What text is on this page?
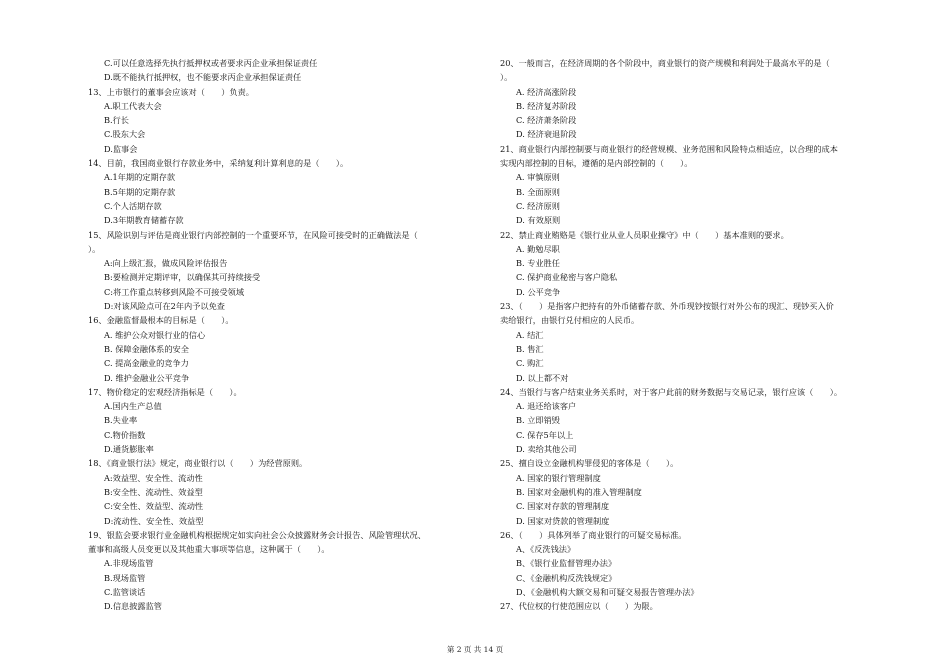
C.可以任意选择先执行抵押权或者要求丙企业承担保证责任
D.既不能执行抵押权，也不能要求丙企业承担保证责任
13、上市银行的董事会应该对（　　）负责。
A.职工代表大会
B.行长
C.股东大会
D.监事会
14、目前，我国商业银行存款业务中，采纳复利计算利息的是（　　）。
A.1年期的定期存款
B.5年期的定期存款
C.个人活期存款
D.3年期教育储蓄存款
15、风险识别与评估是商业银行内部控制的一个重要环节，在风险可接受时的正确做法是（
）。
A:向上级汇报，做成风险评估报告
B:要检测并定期评审，以确保其可持续接受
C:将工作重点转移到风险不可接受领域
D:对该风险点可在2年内予以免查
16、金融监督最根本的目标是（　　）。
A. 维护公众对银行业的信心
B. 保障金融体系的安全
C. 提高金融业的竞争力
D. 维护金融业公平竞争
17、物价稳定的宏观经济指标是（　　）。
A.国内生产总值
B.失业率
C.物价指数
D.通货膨胀率
18、《商业银行法》规定，商业银行以（　　）为经营原则。
A:效益型、安全性、流动性
B:安全性、流动性、效益型
C:安全性、效益型、流动性
D:流动性、安全性、效益型
19、银监会要求银行业金融机构根据规定如实向社会公众披露财务会计报告、风险管理状况、
董事和高级人员变更以及其他重大事项等信息，这种属于（　　）。
A.非现场监管
B.现场监管
C.监管谈话
D.信息披露监管
20、一般而言，在经济周期的各个阶段中，商业银行的资产规模和利润处于最高水平的是（
）。
A. 经济高涨阶段
B. 经济复苏阶段
C. 经济萧条阶段
D. 经济衰退阶段
21、商业银行内部控制要与商业银行的经营规模、业务范围和风险特点相适应，以合理的成本
实现内部控制的目标，遵循的是内部控制的（　　）。
A. 审慎原则
B. 全面原则
C. 经济原则
D. 有效原则
22、禁止商业贿赂是《银行业从业人员职业操守》中（　　）基本准则的要求。
A. 勤勉尽职
B. 专业胜任
C. 保护商业秘密与客户隐私
D. 公平竞争
23、（　　）是指客户把持有的外币储蓄存款、外币现钞按银行对外公布的现汇、现钞买入价
卖给银行，由银行兑付相应的人民币。
A. 结汇
B. 售汇
C. 购汇
D. 以上都不对
24、当银行与客户结束业务关系时，对于客户此前的财务数据与交易记录，银行应该（　　）。
A. 退还给该客户
B. 立即销毁
C. 保存5年以上
D. 卖给其他公司
25、擅自设立金融机构罪侵犯的客体是（　　）。
A. 国家的银行管理制度
B. 国家对金融机构的准入管理制度
C. 国家对存款的管理制度
D. 国家对贷款的管理制度
26、（　　）具体列举了商业银行的可疑交易标准。
A、《反洗钱法》
B、《银行业监督管理办法》
C、《金融机构反洗钱规定》
D、《金融机构大额交易和可疑交易报告管理办法》
27、代位权的行使范围应以（　　）为限。
第 2 页 共 14 页
